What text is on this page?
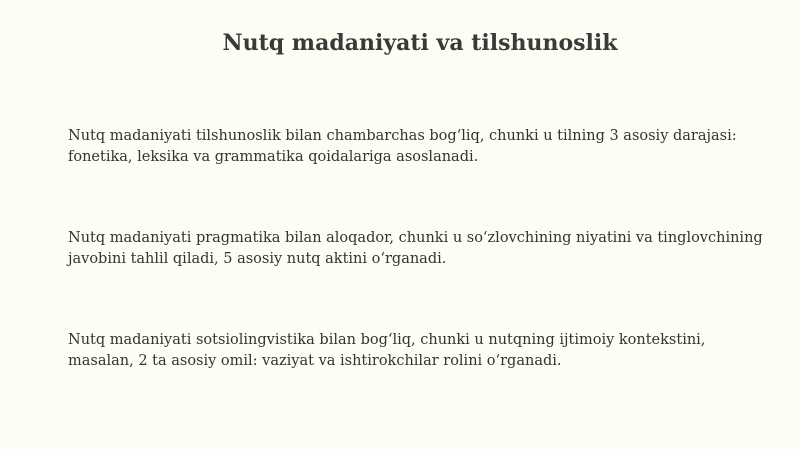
Nutq madaniyati va tilshunoslik

Nutq madaniyati tilshunoslik bilan chambarchas bog‘liq, chunki u tilning 3 asosiy darajasi: fonetika, leksika va grammatika qoidalariga asoslanadi.

Nutq madaniyati pragmatika bilan aloqador, chunki u so‘zlovchining niyatini va tinglovchining javobini tahlil qiladi, 5 asosiy nutq aktini o‘rganadi.

Nutq madaniyati sotsiolingvistika bilan bog‘liq, chunki u nutqning ijtimoiy kontekstini, masalan, 2 ta asosiy omil: vaziyat va ishtirokchilar rolini o‘rganadi.
